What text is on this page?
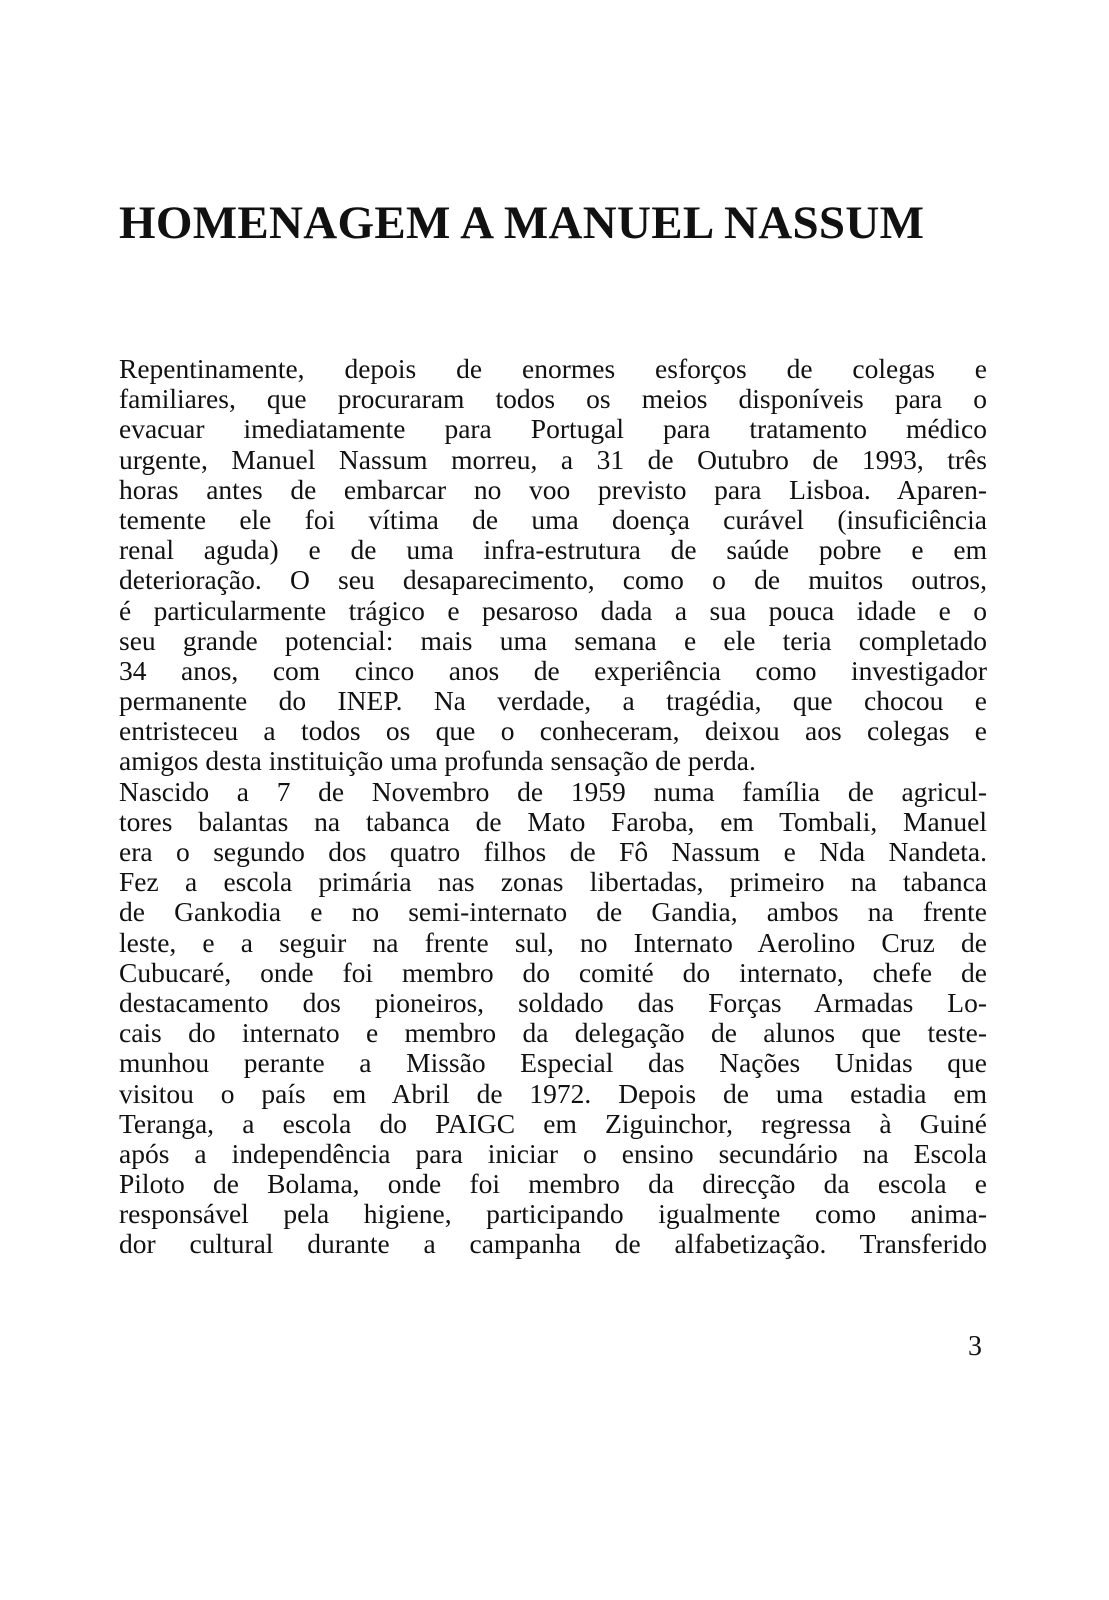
HOMENAGEM A MANUEL NASSUM
Repentinamente, depois de enormes esforços de colegas e
familiares, que procuraram todos os meios disponíveis para o
evacuar imediatamente para Portugal para tratamento médico
urgente, Manuel Nassum morreu, a 31 de Outubro de 1993, três
horas antes de embarcar no voo previsto para Lisboa. Aparen-
temente ele foi vítima de uma doença curável (insuficiência
renal aguda) e de uma infra-estrutura de saúde pobre e em
deterioração. O seu desaparecimento, como o de muitos outros,
é particularmente trágico e pesaroso dada a sua pouca idade e o
seu grande potencial: mais uma semana e ele teria completado
34 anos, com cinco anos de experiência como investigador
permanente do INEP. Na verdade, a tragédia, que chocou e
entristeceu a todos os que o conheceram, deixou aos colegas e
amigos desta instituição uma profunda sensação de perda.
Nascido a 7 de Novembro de 1959 numa família de agricul-
tores balantas na tabanca de Mato Faroba, em Tombali, Manuel
era o segundo dos quatro filhos de Fô Nassum e Nda Nandeta.
Fez a escola primária nas zonas libertadas, primeiro na tabanca
de Gankodia e no semi-internato de Gandia, ambos na frente
leste, e a seguir na frente sul, no Internato Aerolino Cruz de
Cubucaré, onde foi membro do comité do internato, chefe de
destacamento dos pioneiros, soldado das Forças Armadas Lo-
cais do internato e membro da delegação de alunos que teste-
munhou perante a Missão Especial das Nações Unidas que
visitou o país em Abril de 1972. Depois de uma estadia em
Teranga, a escola do PAIGC em Ziguinchor, regressa à Guiné
após a independência para iniciar o ensino secundário na Escola
Piloto de Bolama, onde foi membro da direcção da escola e
responsável pela higiene, participando igualmente como anima-
dor cultural durante a campanha de alfabetização. Transferido
3
